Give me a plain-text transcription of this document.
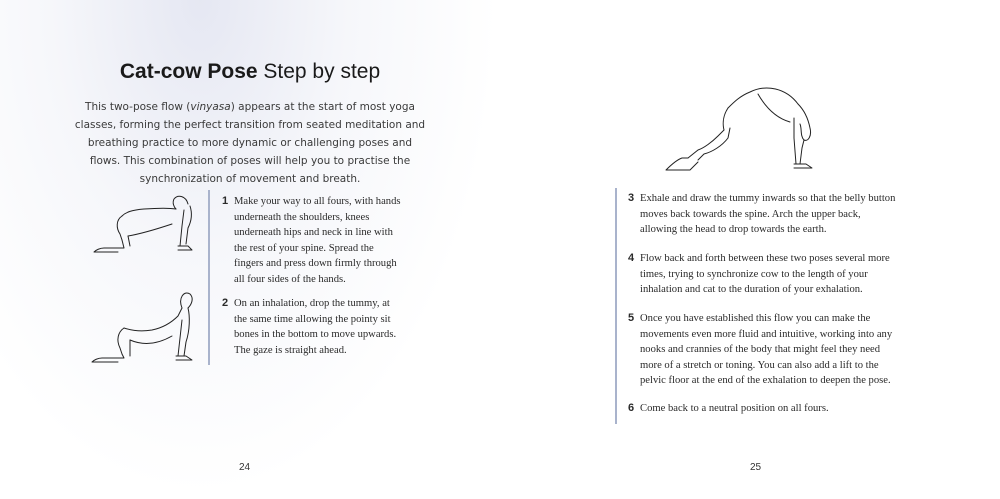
Cat-cow Pose Step by step
This two-pose flow (vinyasa) appears at the start of most yoga classes, forming the perfect transition from seated meditation and breathing practice to more dynamic or challenging poses and flows. This combination of poses will help you to practise the synchronization of movement and breath.
1 Make your way to all fours, with hands underneath the shoulders, knees underneath hips and neck in line with the rest of your spine. Spread the fingers and press down firmly through all four sides of the hands.
2 On an inhalation, drop the tummy, at the same time allowing the pointy sit bones in the bottom to move upwards. The gaze is straight ahead.
24
3 Exhale and draw the tummy inwards so that the belly button moves back towards the spine. Arch the upper back, allowing the head to drop towards the earth.
4 Flow back and forth between these two poses several more times, trying to synchronize cow to the length of your inhalation and cat to the duration of your exhalation.
5 Once you have established this flow you can make the movements even more fluid and intuitive, working into any nooks and crannies of the body that might feel they need more of a stretch or toning. You can also add a lift to the pelvic floor at the end of the exhalation to deepen the pose.
6 Come back to a neutral position on all fours.
25
